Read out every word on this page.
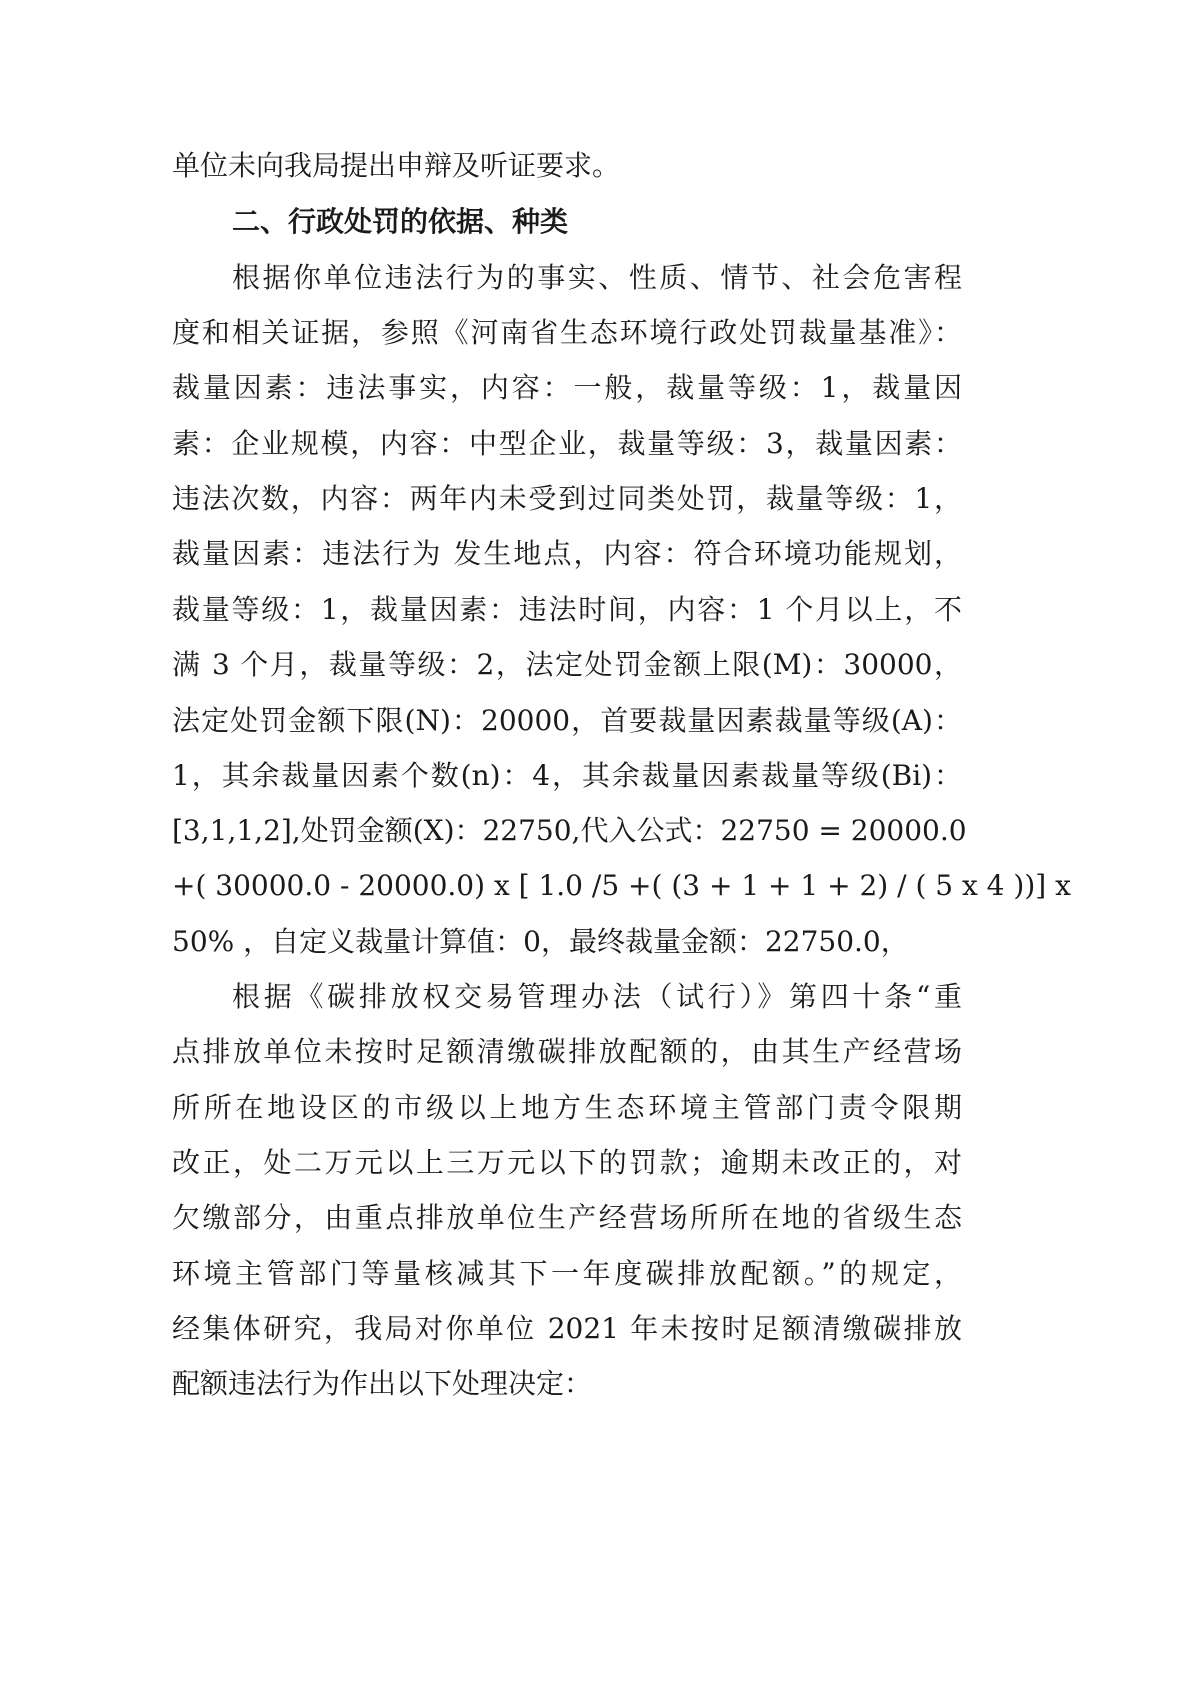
单位未向我局提出申辩及听证要求。
二、行政处罚的依据、种类
根据你单位违法行为的事实、性质、情节、社会危害程
度和相关证据，参照《河南省生态环境行政处罚裁量基准》：
裁量因素：违法事实，内容：一般，裁量等级：1，裁量因
素：企业规模，内容：中型企业，裁量等级：3，裁量因素：
违法次数，内容：两年内未受到过同类处罚，裁量等级：1，
裁量因素：违法行为 发生地点，内容：符合环境功能规划，
裁量等级：1，裁量因素：违法时间，内容：1 个月以上，不
满 3 个月，裁量等级：2，法定处罚金额上限(M)：30000，
法定处罚金额下限(N)：20000，首要裁量因素裁量等级(A)：
1，其余裁量因素个数(n)：4，其余裁量因素裁量等级(Bi)：
[3,1,1,2],处罚金额(X)：22750,代入公式：22750 = 20000.0
+( 30000.0 - 20000.0) x [ 1.0 /5 +( (3 + 1 + 1 + 2) / ( 5 x 4 ))] x
50% ，自定义裁量计算值：0，最终裁量金额：22750.0，
根据《碳排放权交易管理办法（试行）》第四十条“重
点排放单位未按时足额清缴碳排放配额的，由其生产经营场
所所在地设区的市级以上地方生态环境主管部门责令限期
改正，处二万元以上三万元以下的罚款；逾期未改正的，对
欠缴部分，由重点排放单位生产经营场所所在地的省级生态
环境主管部门等量核减其下一年度碳排放配额。”的规定，
经集体研究，我局对你单位 2021 年未按时足额清缴碳排放
配额违法行为作出以下处理决定：
